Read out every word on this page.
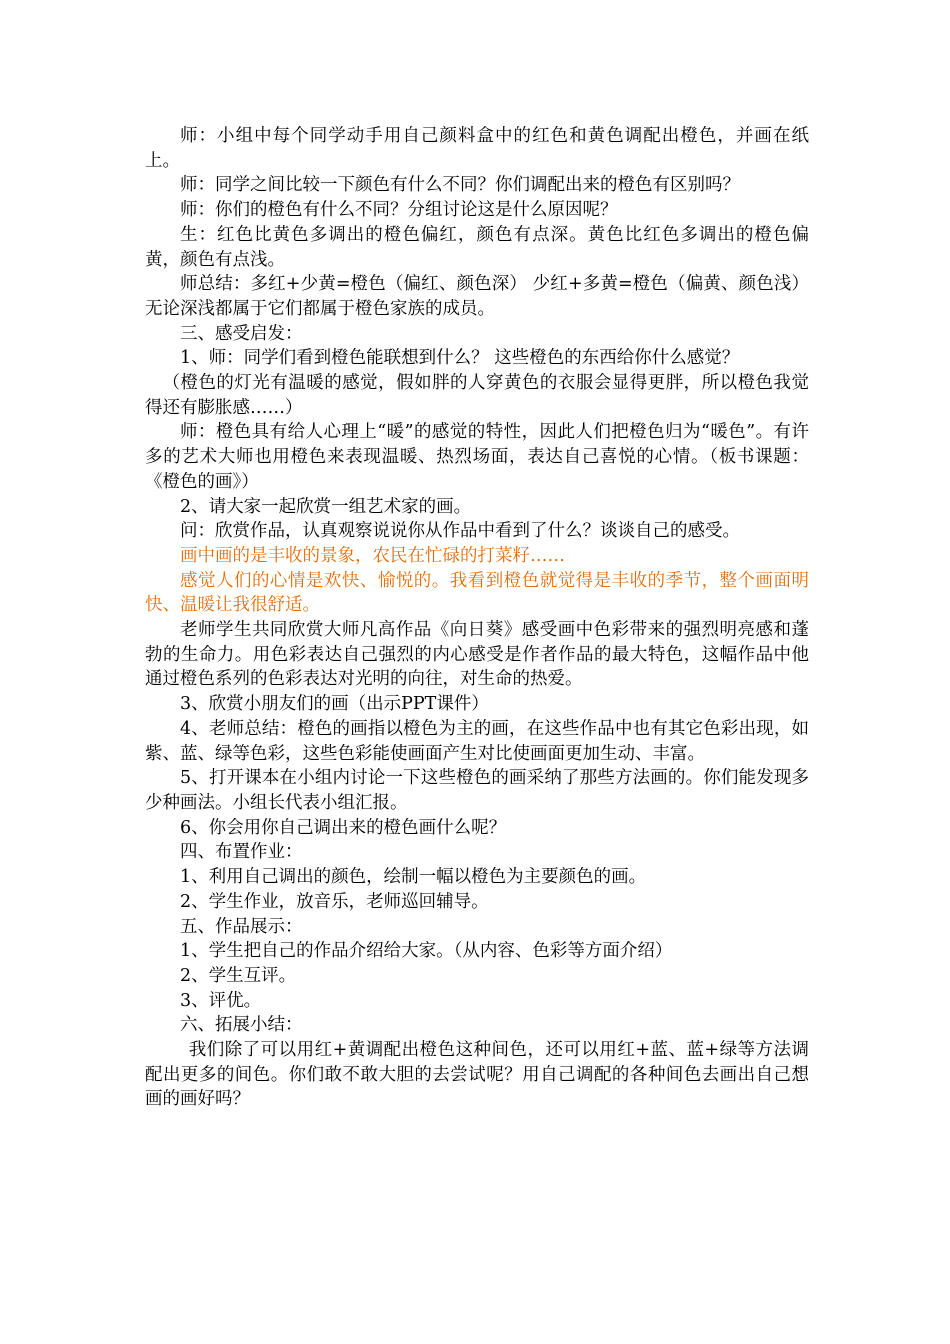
师：小组中每个同学动手用自己颜料盒中的红色和黄色调配出橙色，并画在纸上。

师：同学之间比较一下颜色有什么不同？你们调配出来的橙色有区别吗？

师：你们的橙色有什么不同？分组讨论这是什么原因呢？

生：红色比黄色多调出的橙色偏红，颜色有点深。黄色比红色多调出的橙色偏黄，颜色有点浅。

师总结：多红+少黄=橙色（偏红、颜色深） 少红+多黄=橙色（偏黄、颜色浅）无论深浅都属于它们都属于橙色家族的成员。

三、感受启发：

1、师：同学们看到橙色能联想到什么？ 这些橙色的东西给你什么感觉？

（橙色的灯光有温暖的感觉，假如胖的人穿黄色的衣服会显得更胖，所以橙色我觉得还有膨胀感……）

师：橙色具有给人心理上“暖”的感觉的特性，因此人们把橙色归为“暖色”。有许多的艺术大师也用橙色来表现温暖、热烈场面，表达自己喜悦的心情。（板书课题：《橙色的画》）

2、请大家一起欣赏一组艺术家的画。

问：欣赏作品，认真观察说说你从作品中看到了什么？谈谈自己的感受。

画中画的是丰收的景象，农民在忙碌的打菜籽……

感觉人们的心情是欢快、愉悦的。我看到橙色就觉得是丰收的季节，整个画面明快、温暖让我很舒适。

老师学生共同欣赏大师凡高作品《向日葵》感受画中色彩带来的强烈明亮感和蓬勃的生命力。用色彩表达自己强烈的内心感受是作者作品的最大特色，这幅作品中他通过橙色系列的色彩表达对光明的向往，对生命的热爱。

3、欣赏小朋友们的画（出示PPT课件）

4、老师总结：橙色的画指以橙色为主的画，在这些作品中也有其它色彩出现，如紫、蓝、绿等色彩，这些色彩能使画面产生对比使画面更加生动、丰富。

5、打开课本在小组内讨论一下这些橙色的画采纳了那些方法画的。你们能发现多少种画法。小组长代表小组汇报。

6、你会用你自己调出来的橙色画什么呢？

四、布置作业：

1、利用自己调出的颜色，绘制一幅以橙色为主要颜色的画。

2、学生作业，放音乐，老师巡回辅导。

五、作品展示：

1、学生把自己的作品介绍给大家。（从内容、色彩等方面介绍）

2、学生互评。

3、评优。

六、拓展小结：

我们除了可以用红+黄调配出橙色这种间色，还可以用红+蓝、蓝+绿等方法调配出更多的间色。你们敢不敢大胆的去尝试呢？用自己调配的各种间色去画出自己想画的画好吗？
